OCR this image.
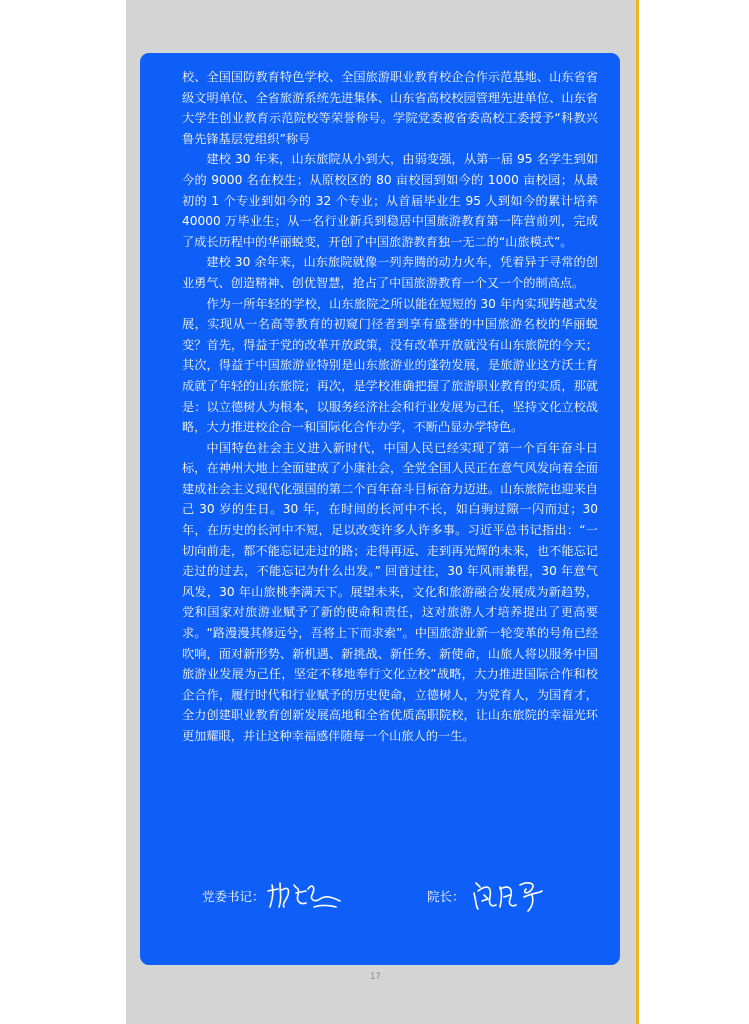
校、全国国防教育特色学校、全国旅游职业教育校企合作示范基地、山东省省级文明单位、全省旅游系统先进集体、山东省高校校园管理先进单位、山东省大学生创业教育示范院校等荣誉称号。学院党委被省委高校工委授予“科教兴鲁先锋基层党组织”称号

建校 30 年来，山东旅院从小到大，由弱变强，从第一届 95 名学生到如今的 9000 名在校生；从原校区的 80 亩校园到如今的 1000 亩校园；从最初的 1 个专业到如今的 32 个专业；从首届毕业生 95 人到如今的累计培养 40000 万毕业生；从一名行业新兵到稳居中国旅游教育第一阵营前列，完成了成长历程中的华丽蜕变，开创了中国旅游教育独一无二的“山旅模式”。

建校 30 余年来，山东旅院就像一列奔腾的动力火车，凭着异于寻常的创业勇气、创造精神、创优智慧，抢占了中国旅游教育一个又一个的制高点。

作为一所年轻的学校，山东旅院之所以能在短短的 30 年内实现跨越式发展，实现从一名高等教育的初窥门径者到享有盛誉的中国旅游名校的华丽蜕变？首先，得益于党的改革开放政策，没有改革开放就没有山东旅院的今天；其次，得益于中国旅游业特别是山东旅游业的蓬勃发展，是旅游业这方沃土育成就了年轻的山东旅院；再次，是学校准确把握了旅游职业教育的实质，那就是：以立德树人为根本，以服务经济社会和行业发展为己任，坚持文化立校战略，大力推进校企合一和国际化合作办学，不断凸显办学特色。

中国特色社会主义进入新时代，中国人民已经实现了第一个百年奋斗日标，在神州大地上全面建成了小康社会，全党全国人民正在意气风发向着全面建成社会主义现代化强国的第二个百年奋斗目标奋力迈进。山东旅院也迎来自己 30 岁的生日。30 年，在时间的长河中不长，如白驹过隙一闪而过；30 年，在历史的长河中不短，足以改变许多人许多事。习近平总书记指出：“一切向前走，都不能忘记走过的路；走得再远、走到再光辉的未来，也不能忘记走过的过去，不能忘记为什么出发。” 回首过往，30 年风雨兼程，30 年意气风发，30 年山旅桃李满天下。展望未来，文化和旅游融合发展成为新趋势，党和国家对旅游业赋予了新的使命和责任，这对旅游人才培养提出了更高要求。“路漫漫其修远兮，吾将上下而求索”。中国旅游业新一轮变革的号角已经吹响，面对新形势、新机遇、新挑战、新任务、新使命，山旅人将以服务中国旅游业发展为己任，坚定不移地奉行文化立校”战略，大力推进国际合作和校企合作，履行时代和行业赋予的历史使命，立德树人，为党育人，为国育才，全力创建职业教育创新发展高地和全省优质高职院校，让山东旅院的幸福光环更加耀眼，并让这种幸福感伴随每一个山旅人的一生。

党委书记：	院长：
17
